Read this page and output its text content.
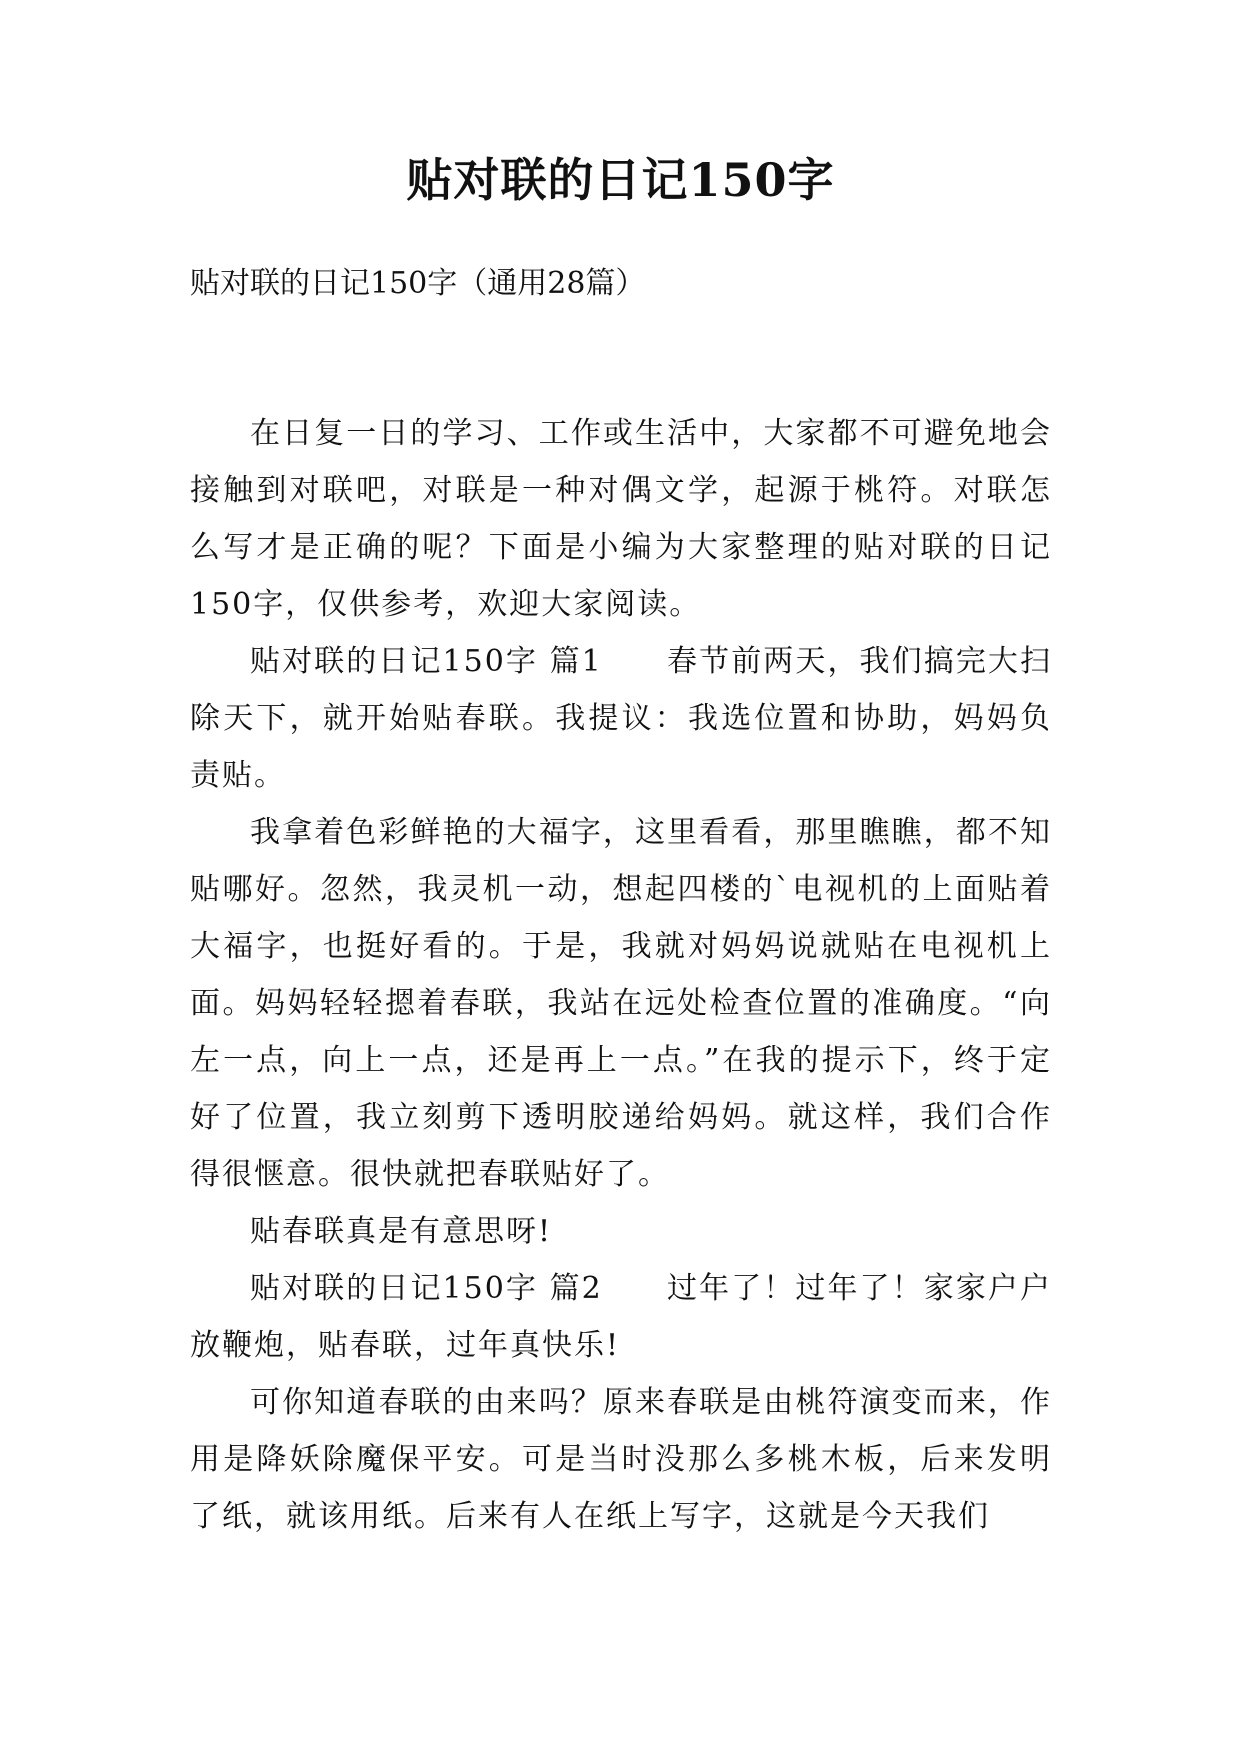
贴对联的日记150字

贴对联的日记150字（通用28篇）

在日复一日的学习、工作或生活中，大家都不可避免地会接触到对联吧，对联是一种对偶文学，起源于桃符。对联怎么写才是正确的呢？下面是小编为大家整理的贴对联的日记150字，仅供参考，欢迎大家阅读。

贴对联的日记150字 篇1　　春节前两天，我们搞完大扫除天下，就开始贴春联。我提议：我选位置和协助，妈妈负责贴。

我拿着色彩鲜艳的大福字，这里看看，那里瞧瞧，都不知贴哪好。忽然，我灵机一动，想起四楼的`电视机的上面贴着大福字，也挺好看的。于是，我就对妈妈说就贴在电视机上面。妈妈轻轻摁着春联，我站在远处检查位置的准确度。“向左一点，向上一点，还是再上一点。”在我的提示下，终于定好了位置，我立刻剪下透明胶递给妈妈。就这样，我们合作得很惬意。很快就把春联贴好了。

贴春联真是有意思呀!

贴对联的日记150字 篇2　　过年了！过年了！家家户户放鞭炮，贴春联，过年真快乐!

可你知道春联的由来吗？原来春联是由桃符演变而来，作用是降妖除魔保平安。可是当时没那么多桃木板，后来发明了纸，就该用纸。后来有人在纸上写字，这就是今天我们
